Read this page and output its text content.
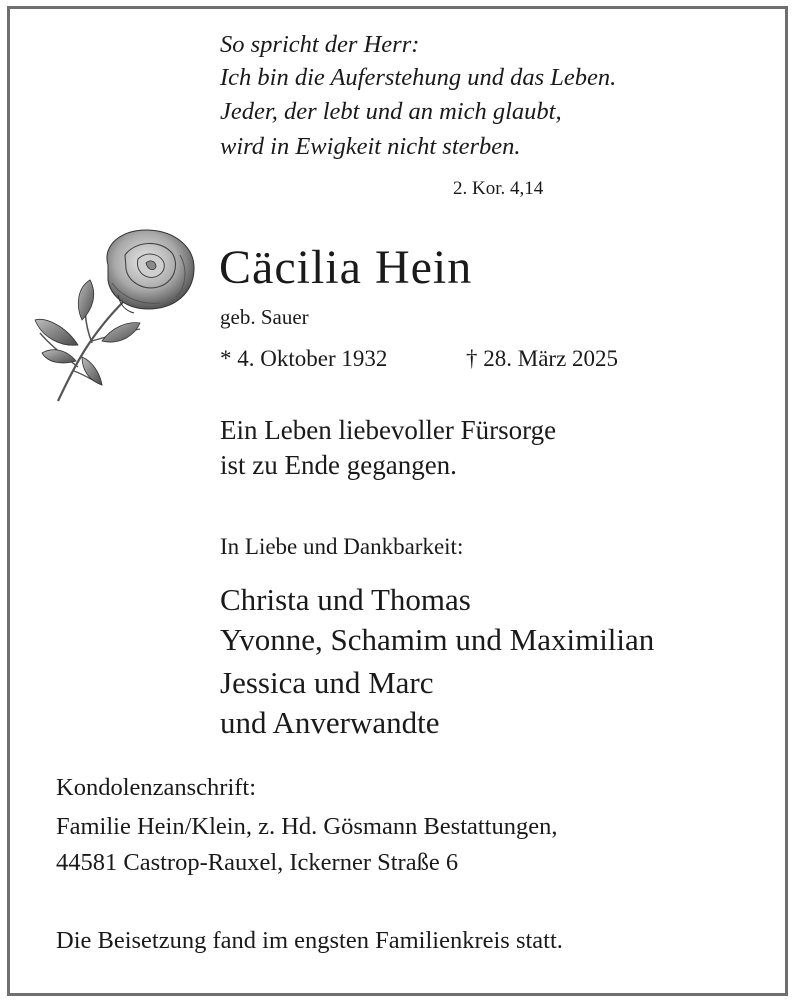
So spricht der Herr:
Ich bin die Auferstehung und das Leben.
Jeder, der lebt und an mich glaubt,
wird in Ewigkeit nicht sterben.
2. Kor. 4,14
Cäcilia Hein
geb. Sauer
* 4. Oktober 1932	† 28. März 2025
Ein Leben liebevoller Fürsorge
ist zu Ende gegangen.
In Liebe und Dankbarkeit:
Christa und Thomas
Yvonne, Schamim und Maximilian
Jessica und Marc
und Anverwandte
Kondolenzanschrift:
Familie Hein/Klein, z. Hd. Gösmann Bestattungen,
44581 Castrop-Rauxel, Ickerner Straße 6
Die Beisetzung fand im engsten Familienkreis statt.
